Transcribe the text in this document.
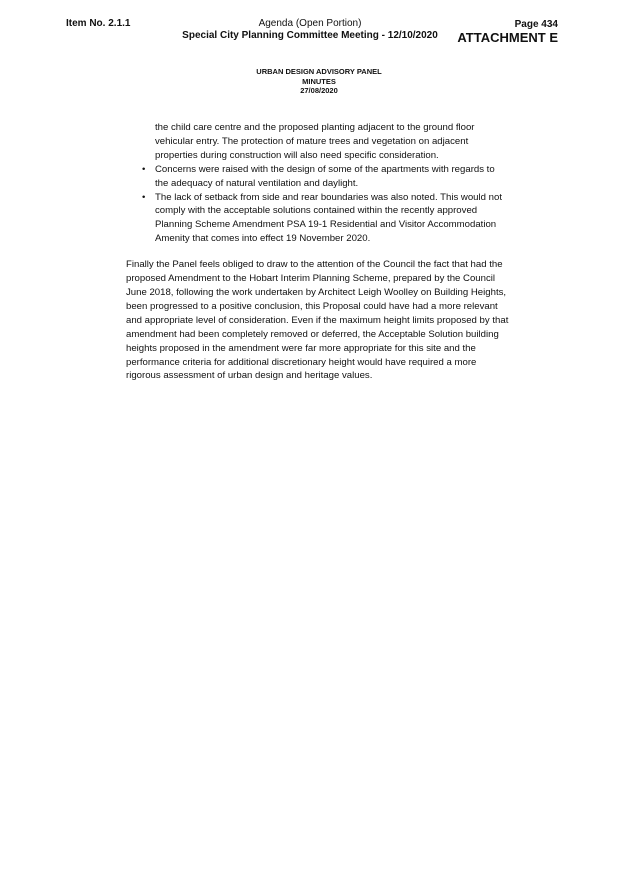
Item No. 2.1.1	Agenda (Open Portion)
Special City Planning Committee Meeting - 12/10/2020
Page 434
ATTACHMENT E
URBAN DESIGN ADVISORY PANEL
MINUTES
27/08/2020

the child care centre and the proposed planting adjacent to the ground floor vehicular entry. The protection of mature trees and vegetation on adjacent properties during construction will also need specific consideration.

• Concerns were raised with the design of some of the apartments with regards to the adequacy of natural ventilation and daylight.
• The lack of setback from side and rear boundaries was also noted. This would not comply with the acceptable solutions contained within the recently approved Planning Scheme Amendment PSA 19-1 Residential and Visitor Accommodation Amenity that comes into effect 19 November 2020.

Finally the Panel feels obliged to draw to the attention of the Council the fact that had the proposed Amendment to the Hobart Interim Planning Scheme, prepared by the Council June 2018, following the work undertaken by Architect Leigh Woolley on Building Heights, been progressed to a positive conclusion, this Proposal could have had a more relevant and appropriate level of consideration. Even if the maximum height limits proposed by that amendment had been completely removed or deferred, the Acceptable Solution building heights proposed in the amendment were far more appropriate for this site and the performance criteria for additional discretionary height would have required a more rigorous assessment of urban design and heritage values.
